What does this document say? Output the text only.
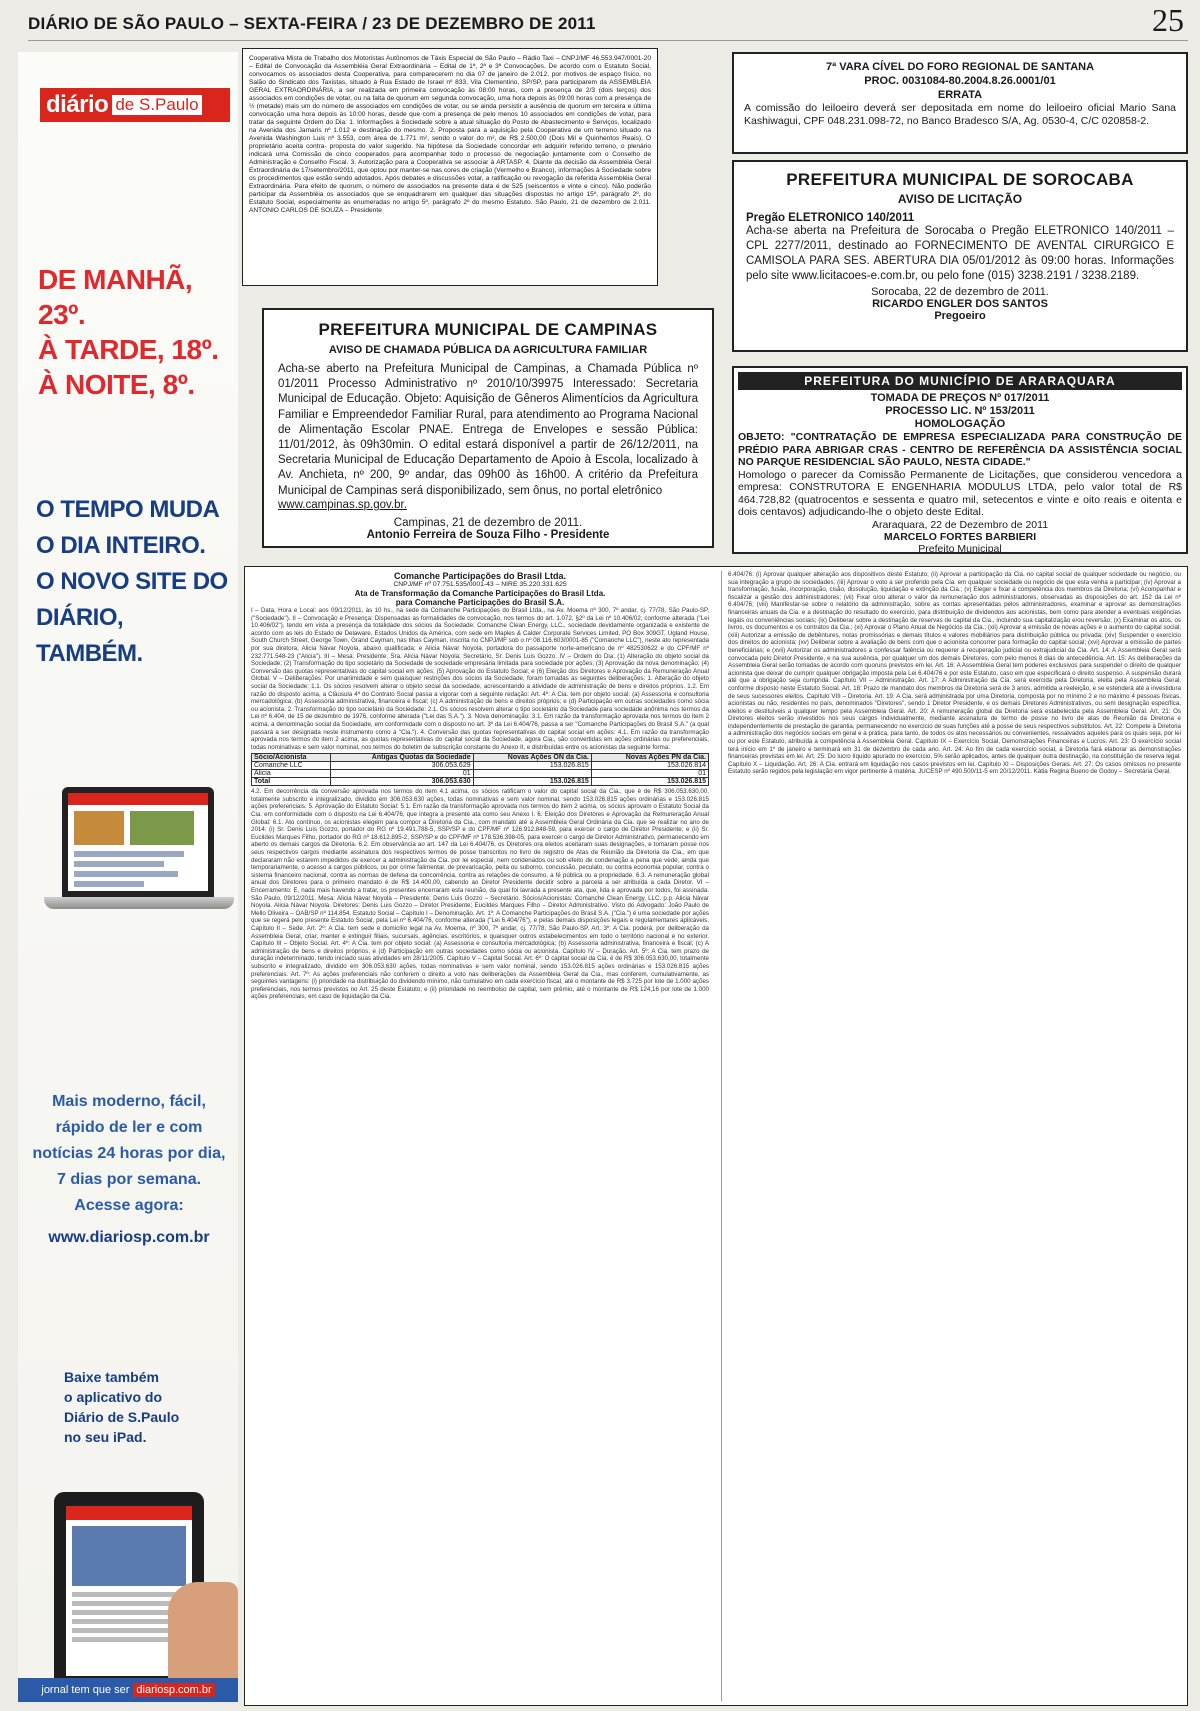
DIÁRIO DE SÃO PAULO – SEXTA-FEIRA / 23 DE DEZEMBRO DE 2011	25
diário de S.Paulo
DE MANHÃ, 23º.
À TARDE, 18º.
À NOITE, 8º.
O TEMPO MUDA
O DIA INTEIRO.
O NOVO SITE DO
DIÁRIO, TAMBÉM.
Mais moderno, fácil,
rápido de ler e com
notícias 24 horas por dia,
7 dias por semana.
Acesse agora:
www.diariosp.com.br
Baixe também
o aplicativo do
Diário de S.Paulo
no seu iPad.
jornal tem que ser diariosp.com.br
Cooperativa Mista de Trabalho dos Motoristas Autônomos de Táxis Especial de São Paulo – Rádio Taxi – CNPJ/MF 46.553.947/0001-20 – Edital de Convocação da Assembléia Geral Extraordinária – Edital de 1ª, 2ª e 3ª Convocações. De acordo com o Estatuto Social, convocamos os associados desta Cooperativa, para comparecerem no dia 07 de janeiro de 2.012, por motivos de espaço físico, no Salão do Sindicato dos Taxistas, situado à Rua Estado de Israel nº 833, Vila Clementino, SP/SP, para participarem da ASSEMBLEIA GERAL EXTRAORDINÁRIA, a ser realizada em primeira convocação às 08:00 horas, com a presença de 2/3 (dois terços) dos associados em condições de votar, ou na falta de quorum em segunda convocação, uma hora depois às 09:00 horas com a presença de ½ (metade) mais um do número de associados em condições de votar, ou se ainda persistir a ausência de quorum em terceira e última convocação uma hora depois às 10:00 horas, desde que com a presença de pelo menos 10 associados em condições de votar, para tratar da seguinte Ordem do Dia: 1. Informações à Sociedade sobre a atual situação do Posto de Abastecimento e Serviços, localizado na Avenida dos Jamaris nº 1.012 e destinação do mesmo. 2. Proposta para a aquisição pela Cooperativa de um terreno situado na Avenida Washington Luis nº 3.553, com área de 1.771 m², sendo o valor do m², de R$ 2.500,00 (Dois Mil e Quinhentos Reais). O proprietário aceita contra- proposta do valor sugerido. Na hipótese da Sociedade concordar em adquirir referido terreno, o plenário indicará uma Comissão de cinco cooperados para acompanhar todo o processo de negociação juntamente com o Conselho de Administração e Conselho Fiscal. 3. Autorização para a Cooperativa se associar à ARTASP. 4. Diante da decisão da Assembléia Geral Extraordinária de 17/setembro/2011, que optou por manter-se nas cores de criação (Vermelho e Branco), informações à Sociedade sobre os procedimentos que estão sendo adotados. Após debates e discussões votar, a ratificação ou revogação da referida Assembléia Geral Extraordinária. Para efeito de quorum, o número de associados na presente data é de 525 (seiscentos e vinte e cinco). Não poderão participar da Assembléia os associados que se enquadrarem em qualquer das situações dispostas no artigo 15º, parágrafo 2º, do Estatuto Social, especialmente as enumeradas no artigo 5º, parágrafo 2º do mesmo Estatuto. São Paulo, 21 de dezembro de 2.011. ANTONIO CARLOS DE SOUZA – Presidente
7ª VARA CÍVEL DO FORO REGIONAL DE SANTANA
PROC. 0031084-80.2004.8.26.0001/01
ERRATA
A comissão do leiloeiro deverá ser depositada em nome do leiloeiro oficial Mario Sana Kashiwagui, CPF 048.231.098-72, no Banco Bradesco S/A, Ag. 0530-4, C/C 020858-2.
PREFEITURA MUNICIPAL DE SOROCABA
AVISO DE LICITAÇÃO
Pregão ELETRONICO 140/2011
Acha-se aberta na Prefeitura de Sorocaba o Pregão ELETRONICO 140/2011 – CPL 2277/2011, destinado ao FORNECIMENTO DE AVENTAL CIRURGICO E CAMISOLA PARA SES. ABERTURA DIA 05/01/2012 às 09:00 horas. Informações pelo site www.licitacoes-e.com.br, ou pelo fone (015) 3238.2191 / 3238.2189.
Sorocaba, 22 de dezembro de 2011.
RICARDO ENGLER DOS SANTOS
Pregoeiro
PREFEITURA MUNICIPAL DE CAMPINAS
AVISO DE CHAMADA PÚBLICA DA AGRICULTURA FAMILIAR
Acha-se aberto na Prefeitura Municipal de Campinas, a Chamada Pública nº 01/2011 Processo Administrativo nº 2010/10/39975 Interessado: Secretaria Municipal de Educação. Objeto: Aquisição de Gêneros Alimentícios da Agricultura Familiar e Empreendedor Familiar Rural, para atendimento ao Programa Nacional de Alimentação Escolar PNAE. Entrega de Envelopes e sessão Pública: 11/01/2012, às 09h30min. O edital estará disponível a partir de 26/12/2011, na Secretaria Municipal de Educação Departamento de Apoio à Escola, localizado à Av. Anchieta, nº 200, 9º andar, das 09h00 às 16h00. A critério da Prefeitura Municipal de Campinas será disponibilizado, sem ônus, no portal eletrônico
www.campinas.sp.gov.br.
Campinas, 21 de dezembro de 2011.
Antonio Ferreira de Souza Filho - Presidente
PREFEITURA DO MUNICÍPIO DE ARARAQUARA
TOMADA DE PREÇOS Nº 017/2011
PROCESSO LIC. Nº 153/2011
HOMOLOGAÇÃO
OBJETO: "CONTRATAÇÃO DE EMPRESA ESPECIALIZADA PARA CONSTRUÇÃO DE PRÉDIO PARA ABRIGAR CRAS - CENTRO DE REFERÊNCIA DA ASSISTÊNCIA SOCIAL NO PARQUE RESIDENCIAL SÃO PAULO, NESTA CIDADE."
Homologo o parecer da Comissão Permanente de Licitações, que considerou vencedora a empresa: CONSTRUTORA E ENGENHARIA MODULUS LTDA, pelo valor total de R$ 464.728,82 (quatrocentos e sessenta e quatro mil, setecentos e vinte e oito reais e oitenta e dois centavos) adjudicando-lhe o objeto deste Edital.
Araraquara, 22 de Dezembro de 2011
MARCELO FORTES BARBIERI
Prefeito Municipal
Comanche Participações do Brasil Ltda.
CNPJ/MF nº 07.751.535/0001-43 – NIRE 35.220.331.625
Ata de Transformação da Comanche Participações do Brasil Ltda.
para Comanche Participações do Brasil S.A.
I – Data, Hora e Local: aos 09/12/2011, às 10 hs., na sede da Comanche Participações do Brasil Ltda., na Av. Moema nº 300, 7º andar, cj. 77/78, São Paulo-SP, ("Sociedade"). II – Convocação e Presença: Dispensadas as formalidades de convocação, nos termos do art. 1.072, §2º da Lei nº 10.406/02, conforme alterada ("Lei 10.406/02"), tendo em vista a presença da totalidade dos sócios da Sociedade: Comanche Clean Energy, LLC., sociedade devidamente organizada e existente de acordo com as leis do Estado de Delaware, Estados Unidos da América, com sede em Maples & Calder Corporate Services Limited, PO Box 309GT, Ugland House, South Church Street, George Town, Grand Cayman, nas Ilhas Cayman, inscrita no CNPJ/MF sob o nº 08.116.603/0001-85 ("Comanche LLC"), neste ato representada por sua diretora, Alicia Nàvar Noyola, abaixo qualificada; e Alicia Nàvar Noyola, portadora do passaporte norte-americano de nº 482530622 e do CPF/MF nº 232.771.548-23 ("Alicia"). III – Mesa: Presidente, Sra. Alicia Nàvar Noyola; Secretário, Sr. Denis Luis Gozzo. IV – Ordem do Dia: (1) Alteração do objeto social da Sociedade; (2) Transformação do tipo societário da Sociedade de sociedade empresária limitada para sociedade por ações; (3) Aprovação da nova denominação; (4) Conversão das quotas representativas do capital social em ações; (5) Aprovação do Estatuto Social; e (6) Eleição dos Diretores e Aprovação da Remuneração Anual Global. V – Deliberações: Por unanimidade e sem quaisquer restrições dos sócios da Sociedade, foram tomadas as seguintes deliberações: 1. Alteração do objeto social da Sociedade: 1.1. Os sócios resolvem alterar o objeto social da sociedade, acrescentando a atividade de administração de bens e direitos próprios. 1.2. Em razão do disposto acima, a Cláusula 4ª do Contrato Social passa a vigorar com a seguinte redação: Art. 4º: A Cia. tem por objeto social: (a) Assessoria e consultoria mercadológica; (b) Assessoria administrativa, financeira e fiscal; (c) A administração de bens e direitos próprios; e (d) Participação em outras sociedades como sócia ou acionista. 2. Transformação do tipo societário da Sociedade: 2.1. Os sócios resolvem alterar o tipo societário da Sociedade para sociedade anônima nos termos da Lei nº 6.404, de 15 de dezembro de 1976, conforme alterada ("Lei das S.A."). 3. Nova denominação: 3.1. Em razão da transformação aprovada nos termos do item 2 acima, a denominação social da Sociedade, em conformidade com o disposto no art. 3º da Lei 6.404/76, passa a ser "Comanche Participações do Brasil S.A." (a qual passará a ser designada neste instrumento como a "Cia."). 4. Conversão das quotas representativas do capital social em ações: 4.1. Em razão da transformação aprovada nos termos do item 2 acima, as quotas representativas do capital social da Sociedade, agora Cia., são convertidas em ações ordinárias ou preferenciais, todas nominativas e sem valor nominal, nos termos do boletim de subscrição constante do Anexo II, e distribuídas entre os acionistas da seguinte forma:
Sócio/Acionista	Antigas Quotas da Sociedade	Novas Ações ON da Cia.	Novas Ações PN da Cia.
Comanche LLC	306.053.629	153.026.815	153.026.814
Alicia	01		01
Total	306.053.630	153.026.815	153.026.815
4.2. Em decorrência da conversão aprovada nos termos do item 4.1 acima, os sócios ratificam o valor do capital social da Cia., que é de R$ 306.053.630,00, totalmente subscrito e integralizado, dividido em 306.053.630 ações, todas nominativas e sem valor nominal, sendo 153.026.815 ações ordinárias e 153.026.815 ações preferenciais. 5. Aprovação do Estatuto Social: 5.1. Em razão da transformação aprovada nos termos do item 2 acima, os sócios aprovam o Estatuto Social da Cia. em conformidade com o disposto na Lei 6.404/76, que integra a presente ata como seu Anexo I. 6. Eleição dos Diretores e Aprovação da Remuneração Anual Global: 6.1. Ato contínuo, os acionistas elegem para compor a Diretoria da Cia., com mandato até a Assembleia Geral Ordinária da Cia. que se realizar no ano de 2014: (i) Sr. Denis Luis Gozzo, portador do RG nº 19.491.788-5, SSP/SP e do CPF/MF nº 126.912.848-59, para exercer o cargo de Diretor Presidente; e (ii) Sr. Eucildes Marques Filho, portador do RG nº 18.612.895-2, SSP/SP e do CPF/MF nº 178.536.398-05, para exercer o cargo de Diretor Administrativo, permanecendo em aberto os demais cargos da Diretoria. 6.2. Em observância ao art. 147 da Lei 6.404/76, os Diretores ora eleitos aceitaram suas designações, e tomaram posse nos seus respectivos cargos mediante assinatura dos respectivos termos de posse transcritos no livro de registro de Atas de Reunião da Diretoria da Cia., em que declararam não estarem impedidos de exercer a administração da Cia. por lei especial, nem condenados ou sob efeito de condenação a pena que vede, ainda que temporariamente, o acesso a cargos públicos, ou por crime falimentar, de prevaricação, peita ou suborno, concussão, peculato, ou contra economia popular, contra o sistema financeiro nacional, contra as normas de defesa da concorrência, contra as relações de consumo, a fé pública ou a propriedade. 6.3. A remuneração global anual dos Diretores para o primeiro mandato é de R$ 14.400,00, cabendo ao Diretor Presidente decidir sobre a parcela a ser atribuída a cada Diretor. VI – Encerramento: E, nada mais havendo a tratar, os presentes encerraram esta reunião, da qual foi lavrada a presente ata, que, lida e aprovada por todos, foi assinada. São Paulo, 09/12/2011. Mesa: Alicia Nàvar Noyola – Presidente; Denis Luis Gozzo – Secretário. Sócios/Acionistas: Comanche Clean Energy, LLC. p.p. Alicia Nàvar Noyola. Alicia Nàvar Noyola. Diretores: Denis Luis Gozzo – Diretor Presidente; Eucildes Marques Filho – Diretor Administrativo. Visto do Advogado: João Paulo de Mello Oliveira – OAB/SP nº 114.854. Estatuto Social – Capítulo I – Denominação. Art. 1º: A Comanche Participações do Brasil S.A. ("Cia.") é uma sociedade por ações que se regerá pelo presente Estatuto Social, pela Lei nº 6.404/76, conforme alterada ("Lei 6.404/76"), e pelas demais disposições legais e regulamentares aplicáveis. Capítulo II – Sede. Art. 2º: A Cia. tem sede e domicílio legal na Av. Moema, nº 300, 7º andar, cj. 77/78, São Paulo-SP. Art. 3º: A Cia. poderá, por deliberação da Assembleia Geral, criar, manter e extinguir filiais, sucursais, agências, escritórios, e quaisquer outros estabelecimentos em todo o território nacional e no exterior. Capítulo III – Objeto Social. Art. 4º: A Cia. tem por objeto social: (a) Assessoria e consultoria mercadológica; (b) Assessoria administrativa, financeira e fiscal; (c) A administração de bens e direitos próprios; e (d) Participação em outras sociedades como sócia ou acionista. Capítulo IV – Duração. Art. 5º: A Cia. tem prazo de duração indeterminado, tendo iniciado suas atividades em 28/11/2005. Capítulo V – Capital Social. Art. 6º: O capital social da Cia. é de R$ 306.053.630,00, totalmente subscrito e integralizado, dividido em 306.053.630 ações, todas nominativas e sem valor nominal, sendo 153.026.815 ações ordinárias e 153.026.815 ações preferenciais. Art. 7º: As ações preferenciais não conferem o direito a voto nas deliberações da Assembleia Geral da Cia., mas conferem, cumulativamente, as seguintes vantagens: (i) prioridade na distribuição do dividendo mínimo, não cumulativo em cada exercício fiscal, até o montante de R$ 3.725 por lote de 1.000 ações preferenciais, nos termos previstos no Art. 25 deste Estatuto; e (ii) prioridade no reembolso de capital, sem prêmio, até o montante de R$ 124,16 por lote de 1.000 ações preferenciais, em caso de liquidação da Cia.
6.404/76: (i) Aprovar qualquer alteração aos dispositivos deste Estatuto; (ii) Aprovar a participação da Cia. no capital social de qualquer sociedade ou negócio, ou sua integração a grupo de sociedades; (iii) Aprovar o voto a ser proferido pela Cia. em qualquer sociedade ou negócio de que esta venha a participar; (iv) Aprovar a transformação, fusão, incorporação, cisão, dissolução, liquidação e extinção da Cia.; (v) Eleger e fixar a competência dos membros da Diretoria; (vi) Acompanhar e fiscalizar a gestão dos administradores; (vii) Fixar o/ou alterar o valor da remuneração dos administradores, observadas as disposições do art. 152 da Lei nº 6.404/76; (viii) Manifestar-se sobre o relatório da administração, sobre as contas apresentadas pelos administradores, examinar e aprovar as demonstrações financeiras anuais da Cia. e a destinação do resultado do exercício, para distribuição de dividendos aos acionistas, bem como para atender a eventuais exigências legais ou conveniências sociais; (ix) Deliberar sobre a destinação de reservas de capital da Cia., incluindo sua capitalização e/ou reversão; (x) Examinar os atos, os livros, os documentos e os contratos da Cia.; (xi) Aprovar o Plano Anual de Negócios da Cia.; (xii) Aprovar a emissão de novas ações e o aumento do capital social; (xiii) Autorizar a emissão de debêntures, notas promissórias e demais títulos e valores mobiliários para distribuição pública ou privada; (xiv) Suspender o exercício dos direitos do acionista; (xv) Deliberar sobre a avaliação de bens com que o acionista concorrer para formação do capital social; (xvi) Aprovar a emissão de partes beneficiárias; e (xvii) Autorizar os administradores a confessar falência ou requerer a recuperação judicial ou extrajudicial da Cia. Art. 14: A Assembleia Geral será convocada pelo Diretor Presidente, e na sua ausência, por qualquer um dos demais Diretores, com pelo menos 8 dias de antecedência. Art. 15: As deliberações da Assembleia Geral serão tomadas de acordo com quoruns previstos em lei. Art. 16: A Assembleia Geral tem poderes exclusivos para suspender o direito de qualquer acionista que deixar de cumprir qualquer obrigação imposta pela Lei 6.404/76 e por este Estatuto, caso em que especificará o direito suspenso. A suspensão durará até que a obrigação seja cumprida. Capítulo VII – Administração. Art. 17: A Administração da Cia. será exercida pela Diretoria, eleita pela Assembleia Geral, conforme disposto neste Estatuto Social. Art. 18: Prazo de mandato dos membros da Diretoria será de 3 anos, admitida a reeleição, e se estenderá até a investidura de seus sucessores eleitos. Capítulo VIII – Diretoria. Art. 19: A Cia. será administrada por uma Diretoria, composta por no mínimo 2 e no máximo 4 pessoas físicas, acionistas ou não, residentes no país, denominados "Diretores", sendo 1 Diretor Presidente, e os demais Diretores Administrativos, ou sem designação específica, eleitos e destituíveis a qualquer tempo pela Assembleia Geral. Art. 20: A remuneração global da Diretoria será estabelecida pela Assembleia Geral. Art. 21: Os Diretores eleitos serão investidos nos seus cargos individualmente, mediante assinatura de termo de posse no livro de atas de Reunião da Diretoria e independentemente de prestação de garantia, permanecendo no exercício de suas funções até a posse de seus respectivos substitutos. Art. 22: Compete à Diretoria a administração dos negócios sociais em geral e a prática, para tanto, de todos os atos necessários ou convenientes, ressalvados aqueles para os quais seja, por lei ou por este Estatuto, atribuída a competência à Assembleia Geral. Capítulo IX – Exercício Social, Demonstrações Financeiras e Lucros. Art. 23: O exercício social terá início em 1º de janeiro e terminará em 31 de dezembro de cada ano. Art. 24: Ao fim de cada exercício social, a Diretoria fará elaborar as demonstrações financeiras previstas em lei. Art. 25: Do lucro líquido apurado no exercício, 5% serão aplicados, antes de qualquer outra destinação, na constituição de reserva legal. Capítulo X – Liquidação. Art. 26: A Cia. entrará em liquidação nos casos previstos em lei. Capítulo XI – Disposições Gerais. Art. 27: Os casos omissos no presente Estatuto serão regidos pela legislação em vigor pertinente à matéria. JUCESP nº 490.500/11-5 em 20/12/2011. Kátia Regina Bueno de Godoy – Secretária Geral.
